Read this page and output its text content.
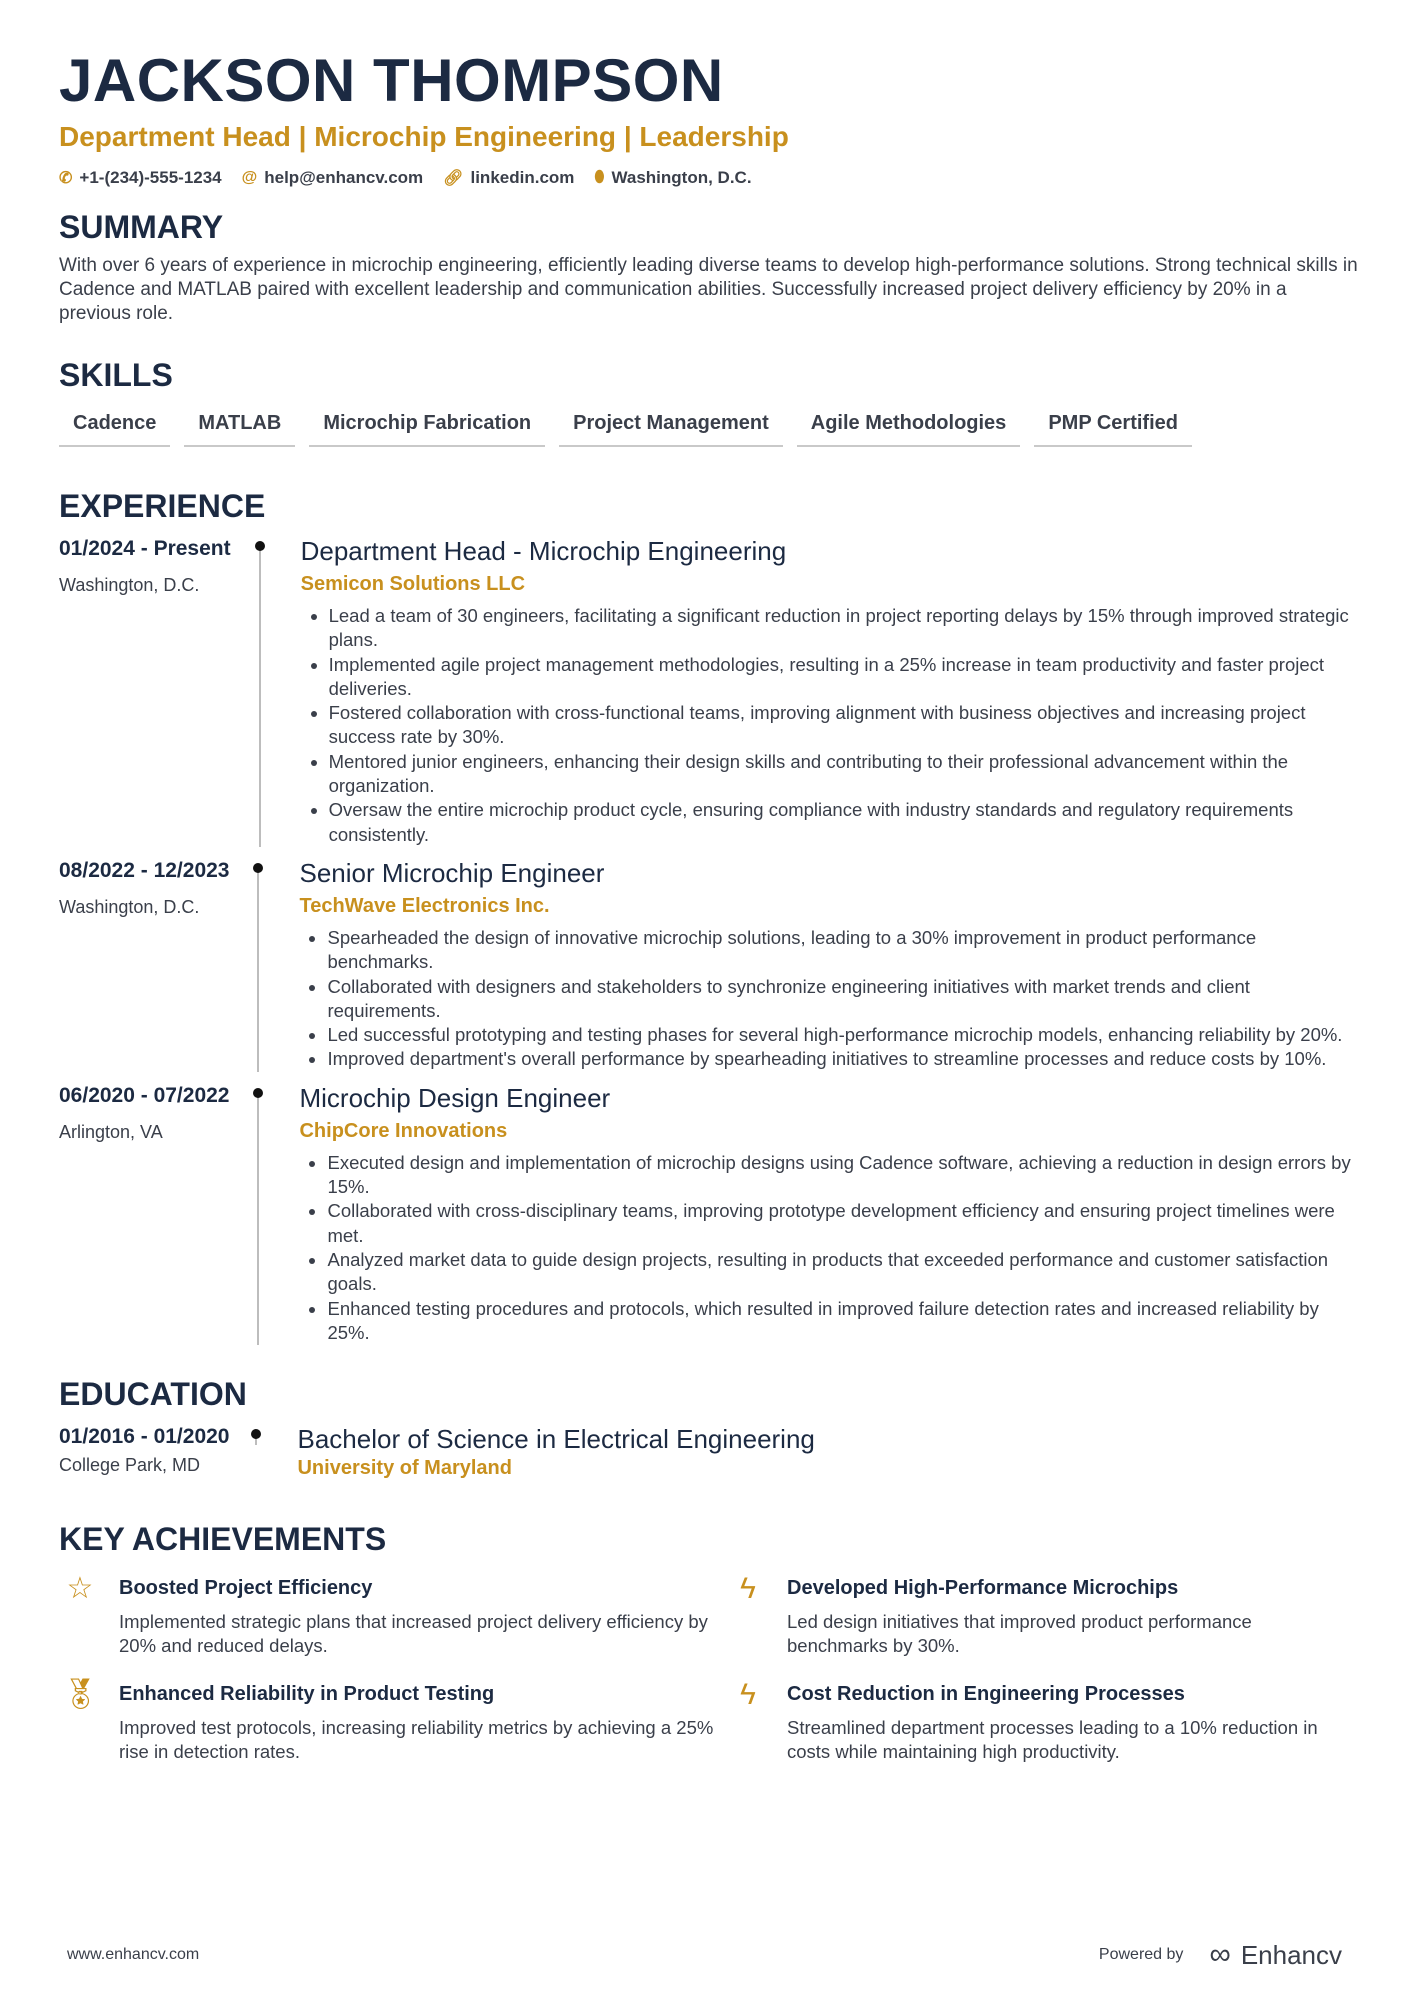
JACKSON THOMPSON
Department Head | Microchip Engineering | Leadership
✆ +1-(234)-555-1234 @ help@enhancv.com 🔗︎ linkedin.com ⬮ Washington, D.C.
SUMMARY

With over 6 years of experience in microchip engineering, efficiently leading diverse teams to develop high-performance solutions. Strong technical skills in Cadence and MATLAB paired with excellent leadership and communication abilities. Successfully increased project delivery efficiency by 20% in a previous role.

SKILLS
Cadence	MATLAB	Microchip Fabrication	Project Management	Agile Methodologies	PMP Certified
EXPERIENCE
01/2024 - Present
Washington, D.C.
Department Head - Microchip Engineering
Semicon Solutions LLC
• Lead a team of 30 engineers, facilitating a significant reduction in project reporting delays by 15% through improved strategic plans.
• Implemented agile project management methodologies, resulting in a 25% increase in team productivity and faster project deliveries.
• Fostered collaboration with cross-functional teams, improving alignment with business objectives and increasing project success rate by 30%.
• Mentored junior engineers, enhancing their design skills and contributing to their professional advancement within the organization.
• Oversaw the entire microchip product cycle, ensuring compliance with industry standards and regulatory requirements consistently.
08/2022 - 12/2023
Washington, D.C.
Senior Microchip Engineer
TechWave Electronics Inc.
• Spearheaded the design of innovative microchip solutions, leading to a 30% improvement in product performance benchmarks.
• Collaborated with designers and stakeholders to synchronize engineering initiatives with market trends and client requirements.
• Led successful prototyping and testing phases for several high-performance microchip models, enhancing reliability by 20%.
• Improved department's overall performance by spearheading initiatives to streamline processes and reduce costs by 10%.
06/2020 - 07/2022
Arlington, VA
Microchip Design Engineer
ChipCore Innovations
• Executed design and implementation of microchip designs using Cadence software, achieving a reduction in design errors by 15%.
• Collaborated with cross-disciplinary teams, improving prototype development efficiency and ensuring project timelines were met.
• Analyzed market data to guide design projects, resulting in products that exceeded performance and customer satisfaction goals.
• Enhanced testing procedures and protocols, which resulted in improved failure detection rates and increased reliability by 25%.
EDUCATION
01/2016 - 01/2020
College Park, MD
Bachelor of Science in Electrical Engineering
University of Maryland
KEY ACHIEVEMENTS
☆	Boosted Project Efficiency
Implemented strategic plans that increased project delivery efficiency by 20% and reduced delays.
ϟ	Developed High-Performance Microchips
Led design initiatives that improved product performance benchmarks by 30%.
🏅︎ Enhanced Reliability in Product Testing
Improved test protocols, increasing reliability metrics by achieving a 25% rise in detection rates.
ϟ	Cost Reduction in Engineering Processes
Streamlined department processes leading to a 10% reduction in costs while maintaining high productivity.
www.enhancv.com	Powered by ∞ Enhancv
